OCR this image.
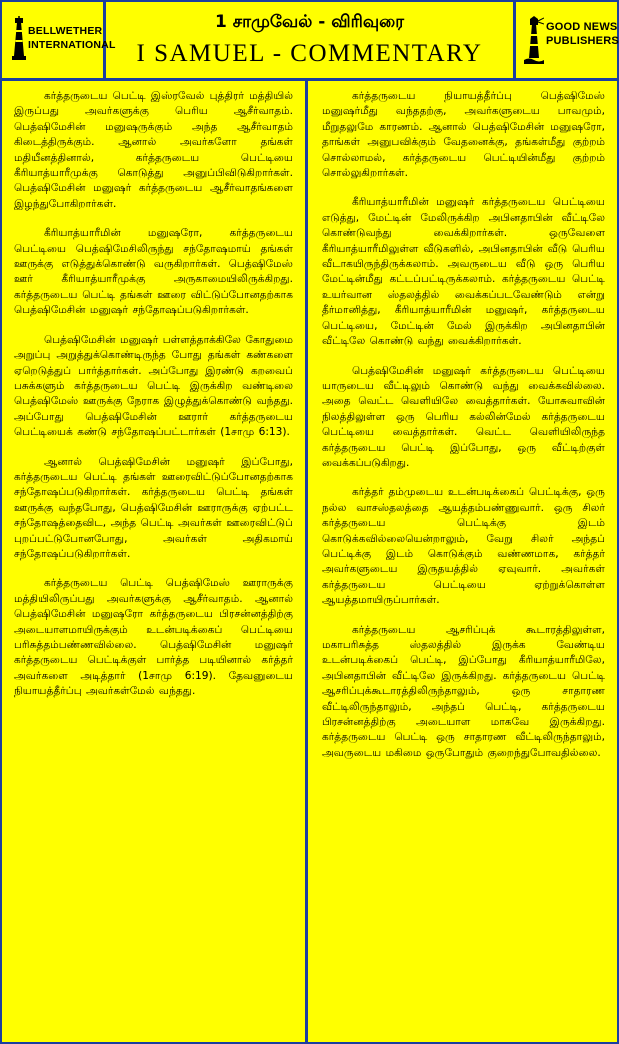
BELLWETHER
INTERNATIONAL
1 சாமுவேல் - விரிவுரை
I SAMUEL - COMMENTARY
GOOD NEWS
PUBLISHERS

கர்த்தருடைய பெட்டி இஸ்ரவேல் புத்திரர் மத்தியில் இருப்பது அவர்களுக்கு பெரிய ஆசீர்வாதம். பெத்ஷிமேசின் மனுஷருக்கும் அந்த ஆசீர்வாதம் கிடைத்திருக்கும். ஆனால் அவர்களோ தங்கள் மதியீனத்தினால், கர்த்தருடைய பெட்டியை கீரியாத்யாரீமுக்கு கொடுத்து அனுப்பிவிடுகிறார்கள். பெத்ஷிமேசின் மனுஷர் கர்த்தருடைய ஆசீர்வாதங்களை இழந்துபோகிறார்கள்.

கீரியாத்யாரீமின் மனுஷரோ, கர்த்தருடைய பெட்டியை பெத்ஷிமேசிலிருந்து சந்தோஷமாய் தங்கள் ஊருக்கு எடுத்துக்கொண்டு வருகிறார்கள். பெத்ஷிமேஸ் ஊர் கீரியாத்யாரீமுக்கு அருகாமையிலிருக்கிறது. கர்த்தருடைய பெட்டி தங்கள் ஊரை விட்டுப்போனதற்காக பெத்ஷிமேசின் மனுஷர் சந்தோஷப்படுகிறார்கள்.

பெத்ஷிமேசின் மனுஷர் பள்ளத்தாக்கிலே கோதுமை அறுப்பு அறுத்துக்கொண்டிருந்த போது தங்கள் கண்களை ஏறெடுத்துப் பார்த்தார்கள். அப்போது இரண்டு கறவைப் பசுக்களும் கர்த்தருடைய பெட்டி இருக்கிற வண்டிலை பெத்ஷிமேஸ் ஊருக்கு நேராக இழுத்துக்கொண்டு வந்தது. அப்போது பெத்ஷிமேசின் ஊரார் கர்த்தருடைய பெட்டியைக் கண்டு சந்தோஷப்பட்டார்கள் (1சாமு 6:13).

ஆனால் பெத்ஷிமேசின் மனுஷர் இப்போது, கர்த்தருடைய பெட்டி தங்கள் ஊரைவிட்டுப்போனதற்காக சந்தோஷப்படுகிறார்கள். கர்த்தருடைய பெட்டி தங்கள் ஊருக்கு வந்தபோது, பெத்ஷிமேசின் ஊராருக்கு ஏற்பட்ட சந்தோஷத்தைவிட, அந்த பெட்டி அவர்கள் ஊரைவிட்டுப் புறப்பட்டுபோனபோது, அவர்கள் அதிகமாய் சந்தோஷப்படுகிறார்கள்.

கர்த்தருடைய பெட்டி பெத்ஷிமேஸ் ஊராருக்கு மத்தியிலிருப்பது அவர்களுக்கு ஆசீர்வாதம். ஆனால் பெத்ஷிமேசின் மனுஷரோ கர்த்தருடைய பிரசன்னத்திற்கு அடையாளமாயிருக்கும் உடன்படிக்கைப் பெட்டியை பரிசுத்தம்பண்ணவில்லை. பெத்ஷிமேசின் மனுஷர் கர்த்தருடைய பெட்டிக்குள் பார்த்த படியினால் கர்த்தர் அவர்களை அடித்தார் (1சாமு 6:19). தேவனுடைய நியாயத்தீர்ப்பு அவர்கள்மேல் வந்தது.

கர்த்தருடைய நியாயத்தீர்ப்பு பெத்ஷிமேஸ் மனுஷர்மீது வந்ததற்கு, அவர்களுடைய பாவமும், மீறுதலுமே காரணம். ஆனால் பெத்ஷிமேசின் மனுஷரோ, தாங்கள் அனுபவிக்கும் வேதனைக்கு, தங்கள்மீது குற்றம் சொல்லாமல், கர்த்தருடைய பெட்டியின்மீது குற்றம் சொல்லுகிறார்கள்.

கீரியாத்யாரீமின் மனுஷர் கர்த்தருடைய பெட்டியை எடுத்து, மேட்டின் மேலிருக்கிற அபினதாபின் வீட்டிலே கொண்டுவந்து வைக்கிறார்கள். ஒருவேளை கீரியாத்யாரீமிலுள்ள வீடுகளில், அபினதாபின் வீடு பெரிய வீடாகயிருந்திருக்கலாம். அவருடைய வீடு ஒரு பெரிய மேட்டின்மீது கட்டப்பட்டிருக்கலாம். கர்த்தருடைய பெட்டி உயர்வான ஸ்தலத்தில் வைக்கப்படவேண்டும் என்று தீர்மானித்து, கீரியாத்யாரீமின் மனுஷர், கர்த்தருடைய பெட்டியை, மேட்டின் மேல் இருக்கிற அபினதாபின் வீட்டிலே கொண்டு வந்து வைக்கிறார்கள்.

பெத்ஷிமேசின் மனுஷர் கர்த்தருடைய பெட்டியை யாருடைய வீட்டிலும் கொண்டு வந்து வைக்கவில்லை. அதை வெட்ட வெளியிலே வைத்தார்கள். யோசுவாவின் நிலத்திலுள்ள ஒரு பெரிய கல்லின்மேல் கர்த்தருடைய பெட்டியை வைத்தார்கள். வெட்ட வெளியிலிருந்த கர்த்தருடைய பெட்டி இப்போது, ஒரு வீட்டிற்குள் வைக்கப்படுகிறது.

கர்த்தர் தம்முடைய உடன்படிக்கைப் பெட்டிக்கு, ஒரு நல்ல வாசஸ்தலத்தை ஆயத்தம்பண்ணுவார். ஒரு சிலர் கர்த்தருடைய பெட்டிக்கு இடம் கொடுக்கவில்லையென்றாலும், வேறு சிலர் அந்தப் பெட்டிக்கு இடம் கொடுக்கும் வண்ணமாக, கர்த்தர் அவர்களுடைய இருதயத்தில் ஏவுவார். அவர்கள் கர்த்தருடைய பெட்டியை ஏற்றுக்கொள்ள ஆயத்தமாயிருப்பார்கள்.

கர்த்தருடைய ஆசரிப்புக் கூடாரத்திலுள்ள, மகாபரிசுத்த ஸ்தலத்தில் இருக்க வேண்டிய உடன்படிக்கைப் பெட்டி, இப்போது கீரியாத்யாரீமிலே, அபினதாபின் வீட்டிலே இருக்கிறது. கர்த்தருடைய பெட்டி ஆசரிப்புக்கூடாரத்திலிருந்தாலும், ஒரு சாதாரண வீட்டிலிருந்தாலும், அந்தப் பெட்டி, கர்த்தருடைய பிரசன்னத்திற்கு அடையாள மாகவே இருக்கிறது. கர்த்தருடைய பெட்டி ஒரு சாதாரண வீட்டிலிருந்தாலும், அவருடைய மகிமை ஒருபோதும் குறைந்துபோவதில்லை.
